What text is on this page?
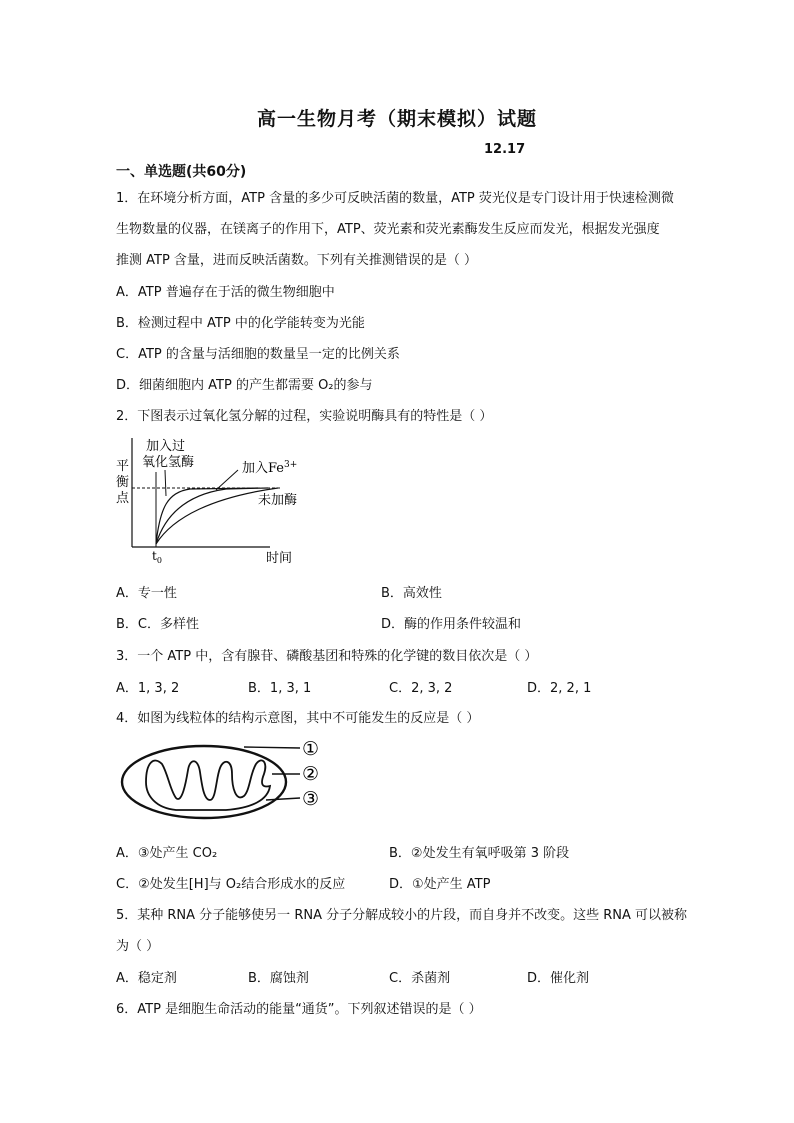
高一生物月考（期末模拟）试题
12.17
一、单选题(共60分)
1．在环境分析方面，ATP 含量的多少可反映活菌的数量，ATP 荧光仪是专门设计用于快速检测微
生物数量的仪器，在镁离子的作用下，ATP、荧光素和荧光素酶发生反应而发光，根据发光强度
推测 ATP 含量，进而反映活菌数。下列有关推测错误的是（ ）
A．ATP 普遍存在于活的微生物细胞中
B．检测过程中 ATP 中的化学能转变为光能
C．ATP 的含量与活细胞的数量呈一定的比例关系
D．细菌细胞内 ATP 的产生都需要 O₂的参与
2．下图表示过氧化氢分解的过程，实验说明酶具有的特性是（ ）
平
衡
点
加入过
氧化氢酶	加入$Fe^{3+}$
未加酶
$t_0$	时间
A．专一性	B．高效性
B．C．多样性	D．酶的作用条件较温和
3．一个 ATP 中，含有腺苷、磷酸基团和特殊的化学键的数目依次是（ ）
A．1, 3, 2	B．1, 3, 1	C．2, 3, 2	D．2, 2, 1
4．如图为线粒体的结构示意图，其中不可能发生的反应是（ ）
①
②
③
A．③处产生 CO₂	B．②处发生有氧呼吸第 3 阶段
C．②处发生[H]与 O₂结合形成水的反应	D．①处产生 ATP
5．某种 RNA 分子能够使另一 RNA 分子分解成较小的片段，而自身并不改变。这些 RNA 可以被称
为（ ）
A．稳定剂	B．腐蚀剂	C．杀菌剂	D．催化剂
6．ATP 是细胞生命活动的能量“通货”。下列叙述错误的是（ ）
